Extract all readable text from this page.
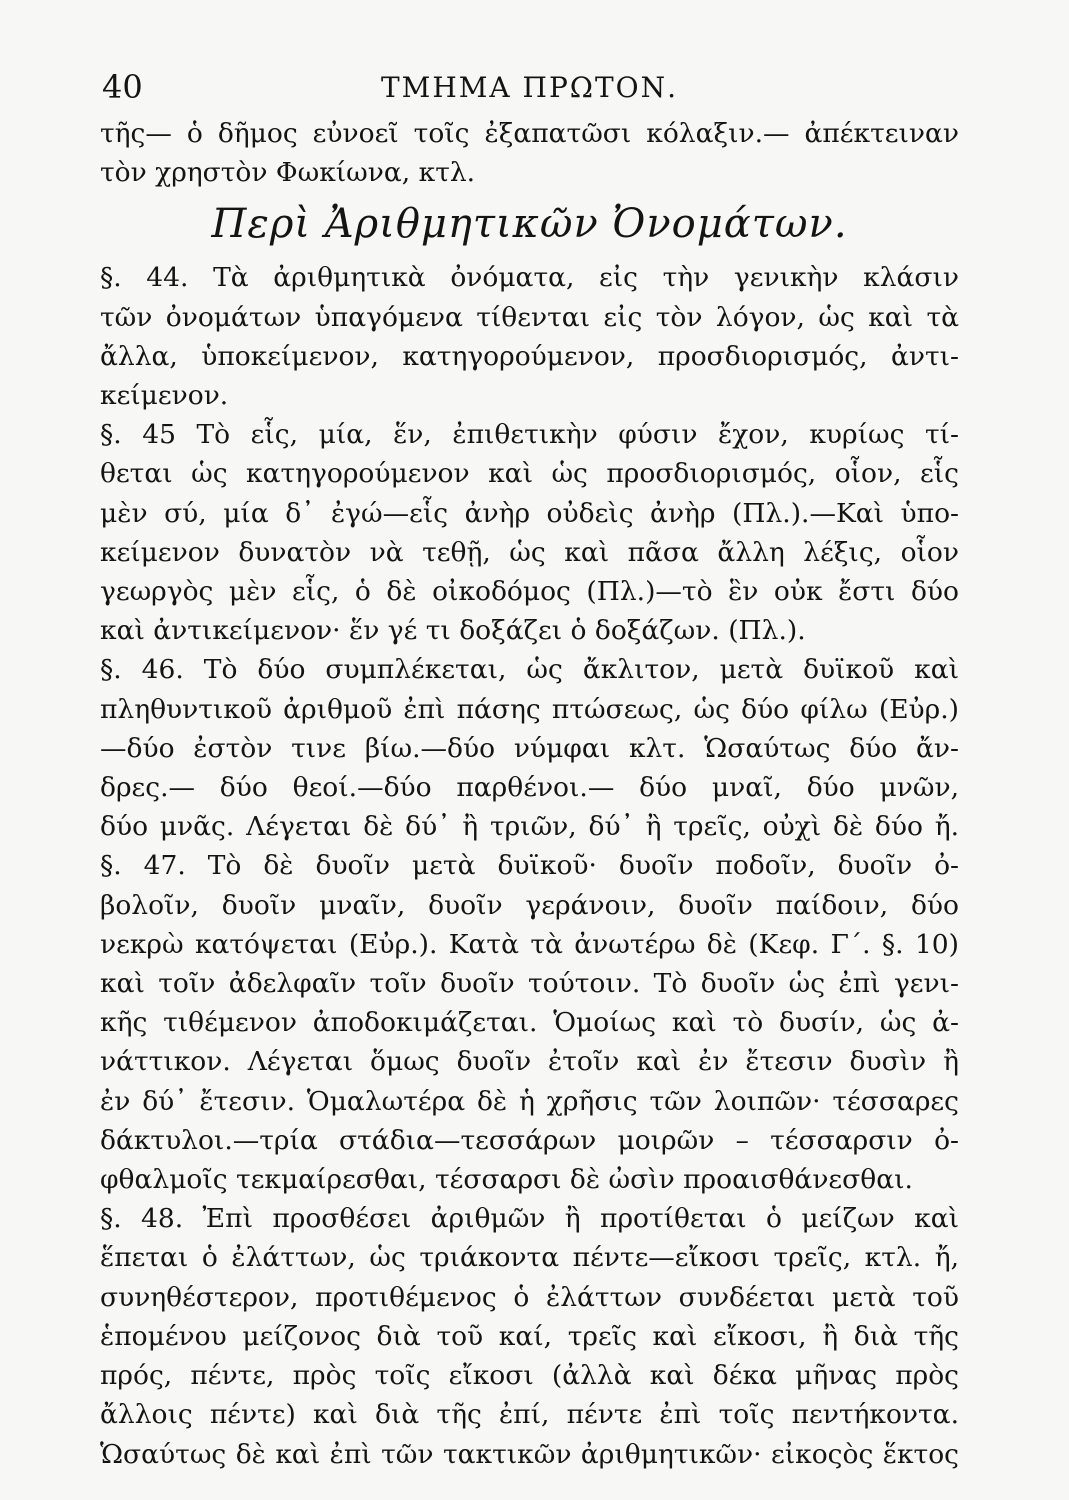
40	ΤΜΗΜΑ ΠΡΩΤΟΝ.
τῆς— ὁ δῆμος εὐνοεῖ τοῖς ἐξαπατῶσι κόλαξιν.— ἀπέκτειναν
τὸν χρηστὸν Φωκίωνα, κτλ.
Περὶ Ἀριθμητικῶν Ὀνομάτων.
§. 44. Τὰ ἀριθμητικὰ ὀνόματα, εἰς τὴν γενικὴν κλάσιν
τῶν ὀνομάτων ὑπαγόμενα τίθενται εἰς τὸν λόγον, ὡς καὶ τὰ
ἄλλα, ὑποκείμενον, κατηγορούμενον, προσδιορισμός, ἀντι-
κείμενον.
§. 45 Τὸ εἷς, μία, ἕν, ἐπιθετικὴν φύσιν ἔχον, κυρίως τί-
θεται ὡς κατηγορούμενον καὶ ὡς προσδιορισμός, οἷον, εἷς
μὲν σύ, μία δ᾽ ἐγώ—εἷς ἀνὴρ οὐδεὶς ἀνὴρ (Πλ.).—Καὶ ὑπο-
κείμενον δυνατὸν νὰ τεθῇ, ὡς καὶ πᾶσα ἄλλη λέξις, οἷον
γεωργὸς μὲν εἷς, ὁ δὲ οἰκοδόμος (Πλ.)—τὸ ἓν οὐκ ἔστι δύο
καὶ ἀντικείμενον· ἕν γέ τι δοξάζει ὁ δοξάζων. (Πλ.).
§. 46. Τὸ δύο συμπλέκεται, ὡς ἄκλιτον, μετὰ δυϊκοῦ καὶ
πληθυντικοῦ ἀριθμοῦ ἐπὶ πάσης πτώσεως, ὡς δύο φίλω (Εὐρ.)
—δύο ἐστὸν τινε βίω.—δύο νύμφαι κλτ. Ὡσαύτως δύο ἄν-
δρες.— δύο θεοί.—δύο παρθένοι.— δύο μναῖ, δύο μνῶν,
δύο μνᾶς. Λέγεται δὲ δύ᾽ ἢ τριῶν, δύ᾽ ἢ τρεῖς, οὐχὶ δὲ δύο ἤ.
§. 47. Τὸ δὲ δυοῖν μετὰ δυϊκοῦ· δυοῖν ποδοῖν, δυοῖν ὀ-
βολοῖν, δυοῖν μναῖν, δυοῖν γεράνοιν, δυοῖν παίδοιν, δύο
νεκρὼ κατόψεται (Εὐρ.). Κατὰ τὰ ἀνωτέρω δὲ (Κεφ. Γ΄. §. 10)
καὶ τοῖν ἀδελφαῖν τοῖν δυοῖν τούτοιν. Τὸ δυοῖν ὡς ἐπὶ γενι-
κῆς τιθέμενον ἀποδοκιμάζεται. Ὁμοίως καὶ τὸ δυσίν, ὡς ἀ-
νάττικον. Λέγεται ὅμως δυοῖν ἐτοῖν καὶ ἐν ἔτεσιν δυσὶν ἢ
ἐν δύ᾽ ἔτεσιν. Ὁμαλωτέρα δὲ ἡ χρῆσις τῶν λοιπῶν· τέσσαρες
δάκτυλοι.—τρία στάδια—τεσσάρων μοιρῶν – τέσσαρσιν ὀ-
φθαλμοῖς τεκμαίρεσθαι, τέσσαρσι δὲ ὠσὶν προαισθάνεσθαι.
§. 48. Ἐπὶ προσθέσει ἀριθμῶν ἢ προτίθεται ὁ μείζων καὶ
ἕπεται ὁ ἐλάττων, ὡς τριάκοντα πέντε—εἴκοσι τρεῖς, κτλ. ἤ,
συνηθέστερον, προτιθέμενος ὁ ἐλάττων συνδέεται μετὰ τοῦ
ἑπομένου μείζονος διὰ τοῦ καί, τρεῖς καὶ εἴκοσι, ἢ διὰ τῆς
πρός, πέντε, πρὸς τοῖς εἴκοσι (ἀλλὰ καὶ δέκα μῆνας πρὸς
ἄλλοις πέντε) καὶ διὰ τῆς ἐπί, πέντε ἐπὶ τοῖς πεντήκοντα.
Ὡσαύτως δὲ καὶ ἐπὶ τῶν τακτικῶν ἀριθμητικῶν· εἰκοςὸς ἕκτος
